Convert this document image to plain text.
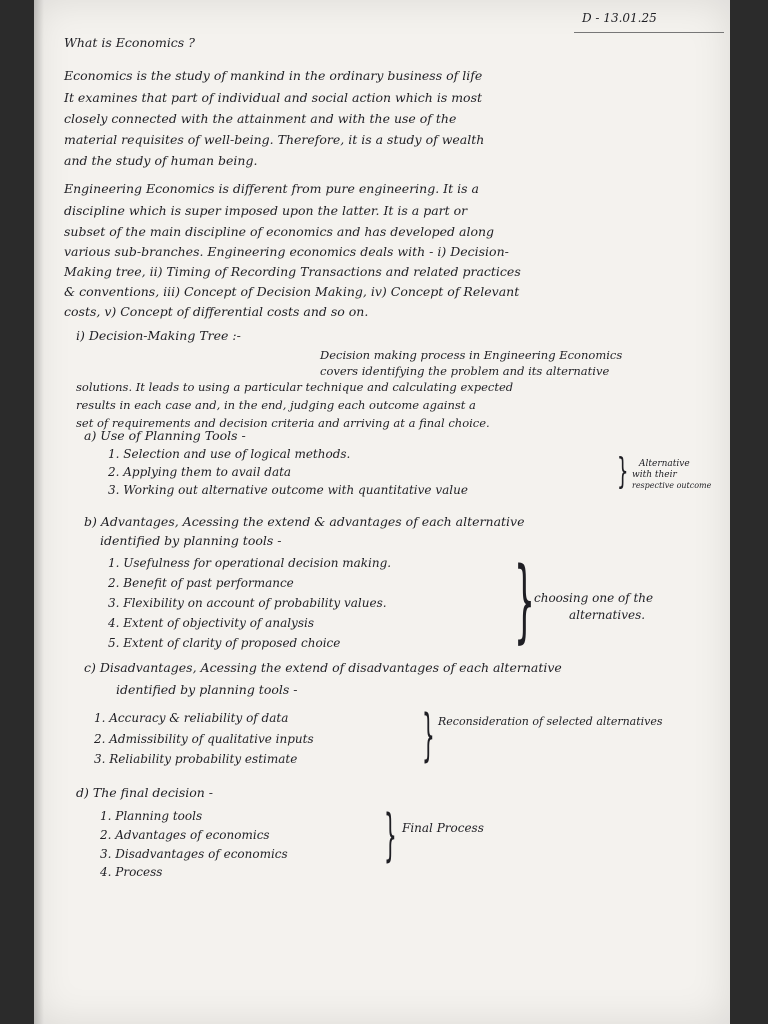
D - 13.01.25
What is Economics ?
Economics is the study of mankind in the ordinary business of life
It examines that part of individual and social action which is most
closely connected with the attainment and with the use of the
material requisites of well-being. Therefore, it is a study of wealth
and the study of human being.
Engineering Economics is different from pure engineering. It is a
discipline which is super imposed upon the latter. It is a part or
subset of the main discipline of economics and has developed along
various sub-branches. Engineering economics deals with - i) Decision-
Making tree, ii) Timing of Recording Transactions and related practices
& conventions, iii) Concept of Decision Making, iv) Concept of Relevant
costs, v) Concept of differential costs and so on.
i) Decision-Making Tree :-
Decision making process in Engineering Economics
covers identifying the problem and its alternative
solutions. It leads to using a particular technique and calculating expected
results in each case and, in the end, judging each outcome against a
set of requirements and decision criteria and arriving at a final choice.
a) Use of Planning Tools -
1. Selection and use of logical methods.
2. Applying them to avail data
3. Working out alternative outcome with quantitative value	} Alternative
with their
respective outcome
b) Advantages, Acessing the extend & advantages of each alternative
identified by planning tools -
1. Usefulness for operational decision making.
2. Benefit of past performance
3. Flexibility on account of probability values.
4. Extent of objectivity of analysis
5. Extent of clarity of proposed choice	}
choosing one of the
alternatives.
c) Disadvantages, Acessing the extend of disadvantages of each alternative
identified by planning tools -
1. Accuracy & reliability of data
2. Admissibility of qualitative inputs
3. Reliability probability estimate	} Reconsideration of selected alternatives
d) The final decision -
1. Planning tools
2. Advantages of economics
3. Disadvantages of economics
4. Process
} Final Process
